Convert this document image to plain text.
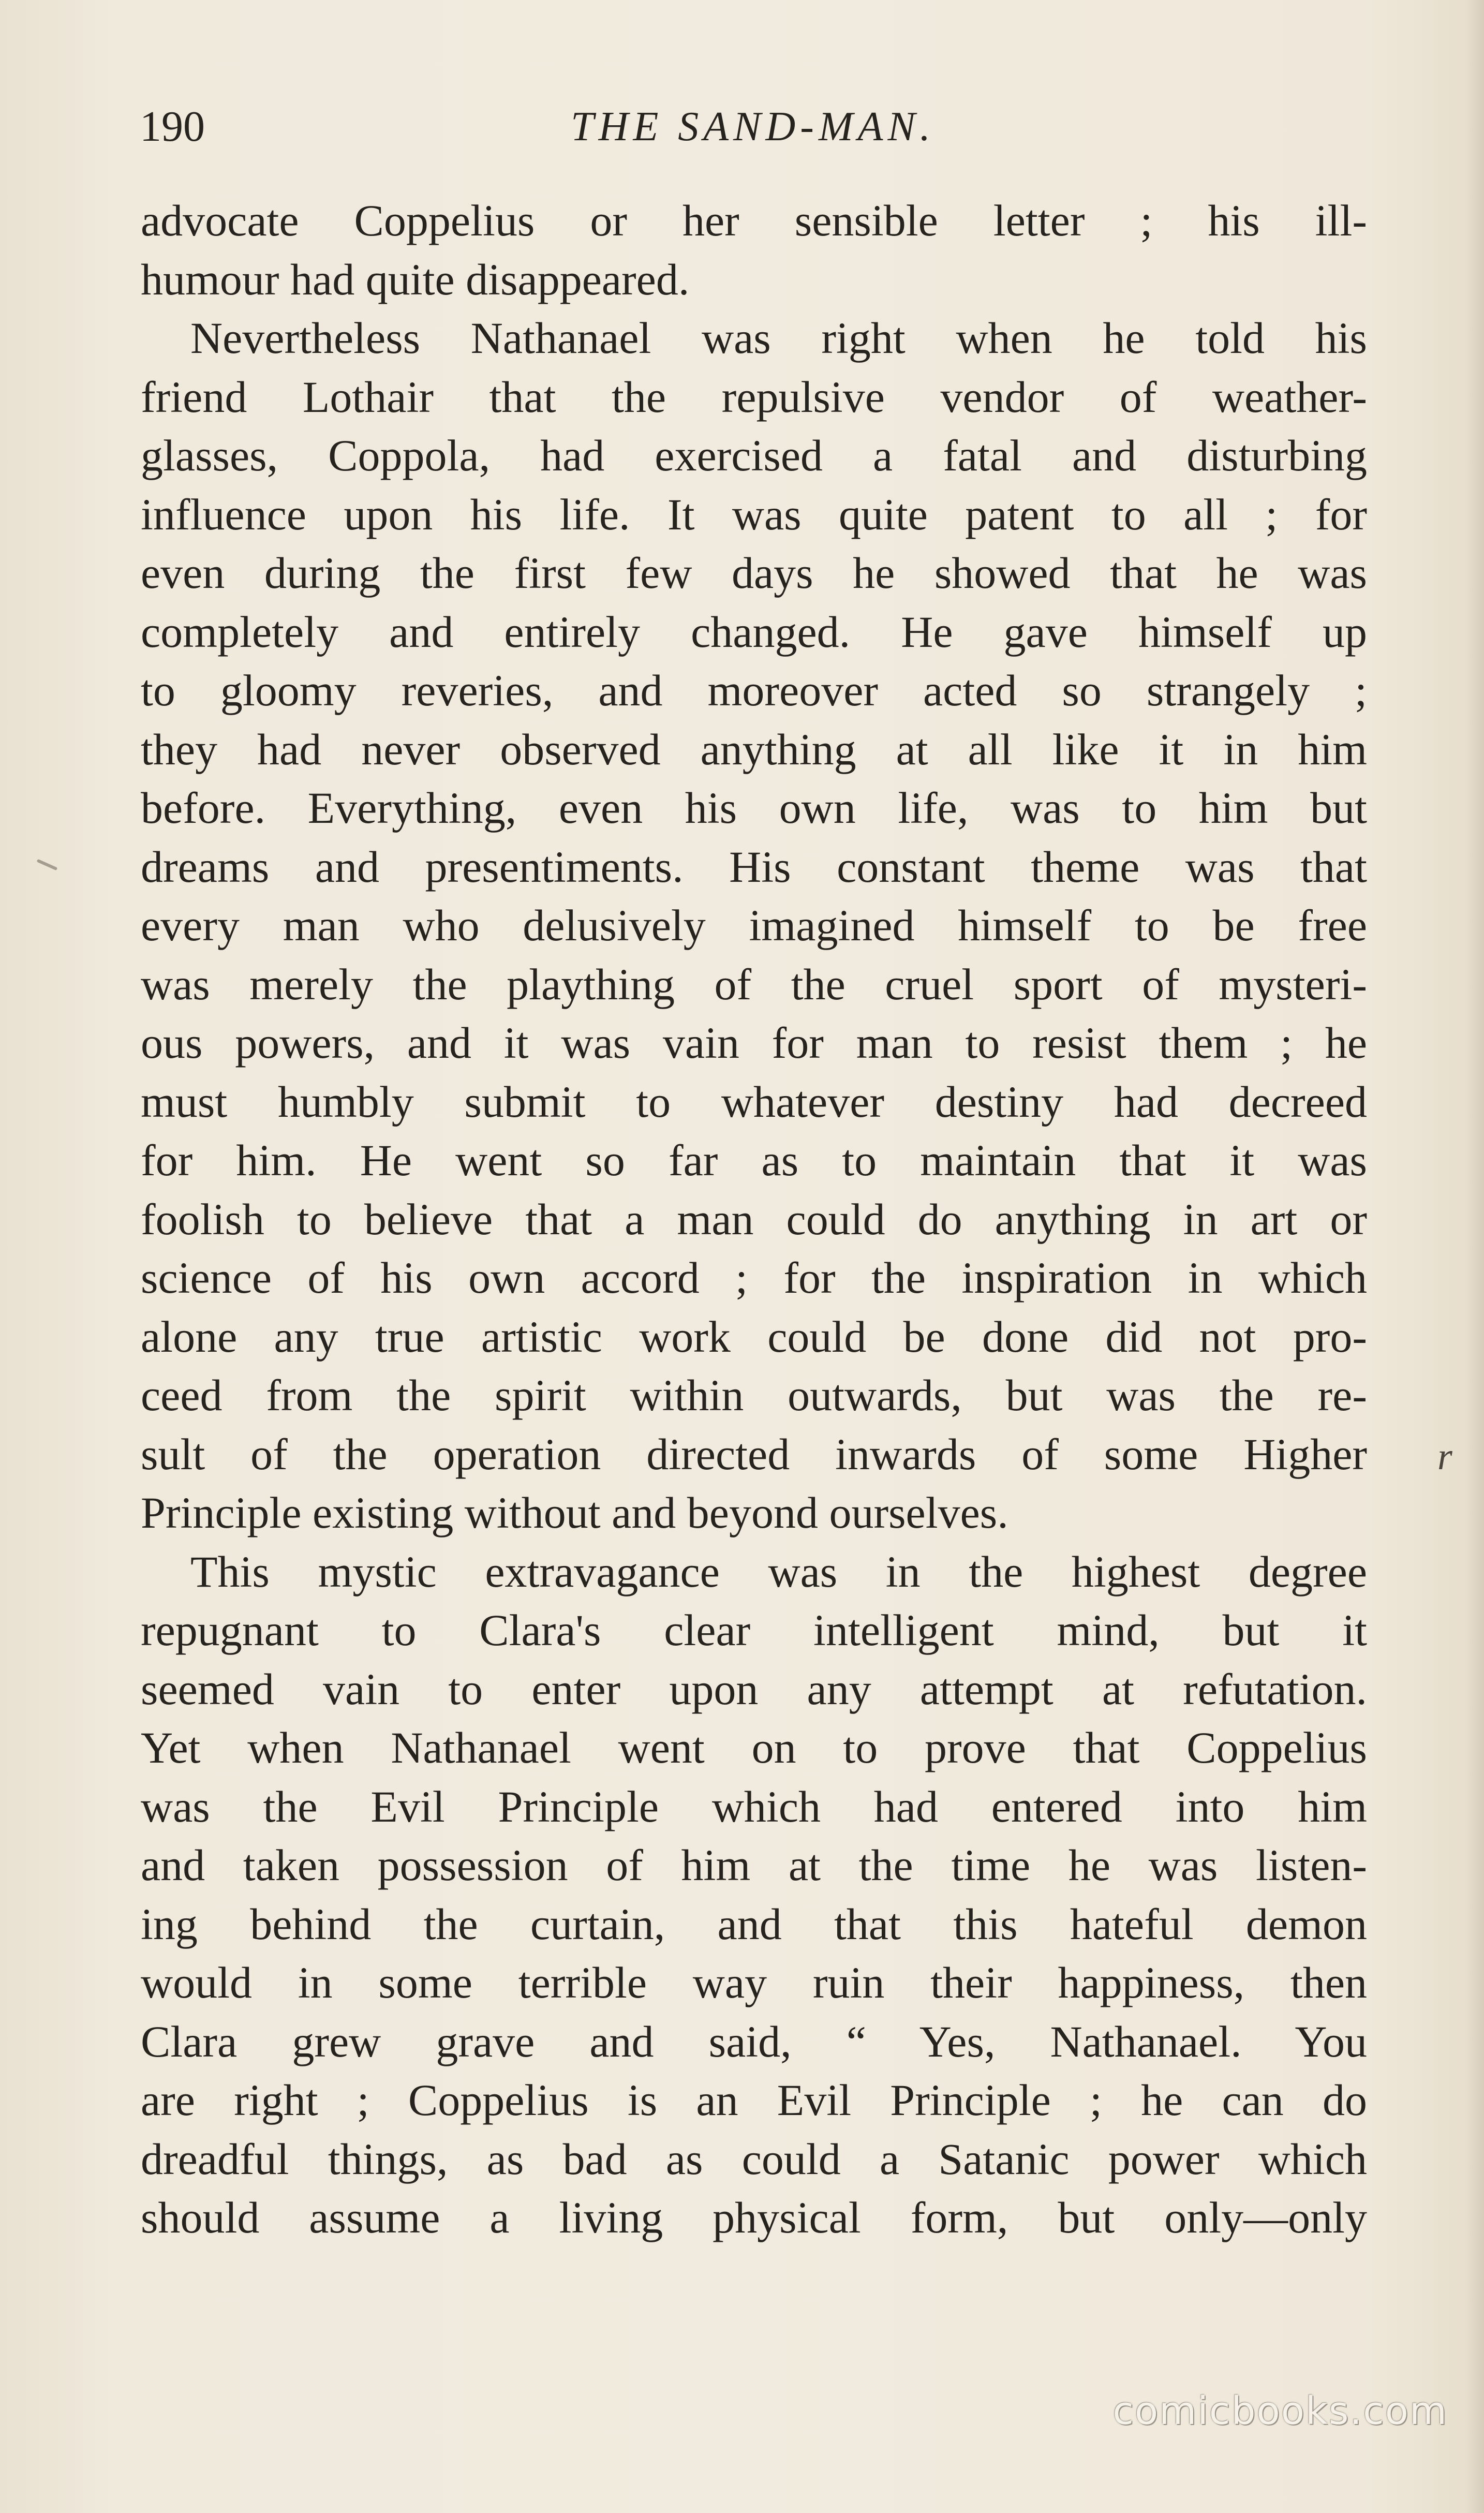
190	THE SAND-MAN.
advocate Coppelius or her sensible letter ; his ill-
humour had quite disappeared.
Nevertheless Nathanael was right when he told his
friend Lothair that the repulsive vendor of weather-
glasses, Coppola, had exercised a fatal and disturbing
influence upon his life. It was quite patent to all ; for
even during the first few days he showed that he was
completely and entirely changed. He gave himself up
to gloomy reveries, and moreover acted so strangely ;
they had never observed anything at all like it in him
before. Everything, even his own life, was to him but
dreams and presentiments. His constant theme was that
every man who delusively imagined himself to be free
was merely the plaything of the cruel sport of mysteri-
ous powers, and it was vain for man to resist them ; he
must humbly submit to whatever destiny had decreed
for him. He went so far as to maintain that it was
foolish to believe that a man could do anything in art or
science of his own accord ; for the inspiration in which
alone any true artistic work could be done did not pro-
ceed from the spirit within outwards, but was the re-
sult of the operation directed inwards of some Higher
Principle existing without and beyond ourselves.
This mystic extravagance was in the highest degree
repugnant to Clara's clear intelligent mind, but it
seemed vain to enter upon any attempt at refutation.
Yet when Nathanael went on to prove that Coppelius
was the Evil Principle which had entered into him
and taken possession of him at the time he was listen-
ing behind the curtain, and that this hateful demon
would in some terrible way ruin their happiness, then
Clara grew grave and said, “ Yes, Nathanael. You
are right ; Coppelius is an Evil Principle ; he can do
dreadful things, as bad as could a Satanic power which
should assume a living physical form, but only—only
r
comicbooks.com
